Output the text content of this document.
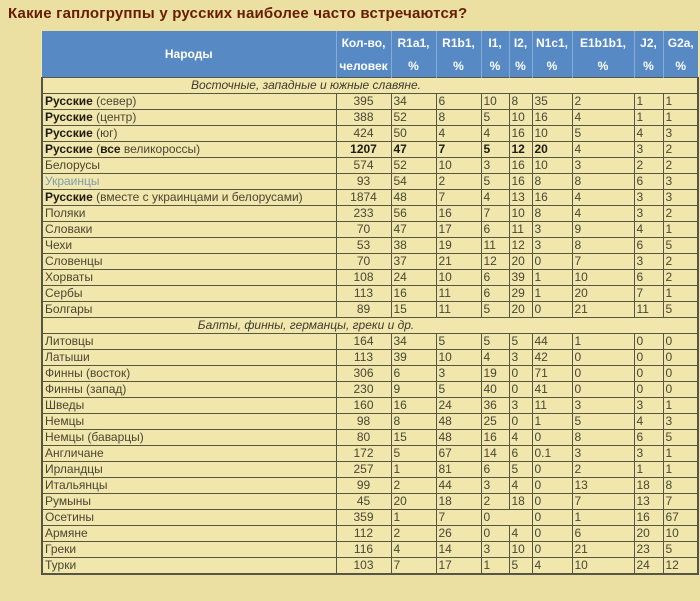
Какие гаплогруппы у русских наиболее часто встречаются?
Народы	Кол-во,	R1a1,	R1b1,	I1,	I2,	N1c1,	E1b1b1,	J2,	G2a,
	человек	%	%	%	%	%	%	%	%
Восточные, западные и южные славяне.									
Русские (север)	395	34	6	10	8	35	2	1	1
Русские (центр)	388	52	8	5	10	16	4	1	1
Русские (юг)	424	50	4	4	16	10	5	4	3
Русские (все великороссы)	1207	47	7	5	12	20	4	3	2
Белорусы	574	52	10	3	16	10	3	2	2
Украинцы	93	54	2	5	16	8	8	6	3
Русские (вместе с украинцами и белорусами)	1874	48	7	4	13	16	4	3	3
Поляки	233	56	16	7	10	8	4	3	2
Словаки	70	47	17	6	11	3	9	4	1
Чехи	53	38	19	11	12	3	8	6	5
Словенцы	70	37	21	12	20	0	7	3	2
Хорваты	108	24	10	6	39	1	10	6	2
Сербы	113	16	11	6	29	1	20	7	1
Болгары	89	15	11	5	20	0	21	11	5
Балты, финны, германцы, греки и др.									
Литовцы	164	34	5	5	5	44	1	0	0
Латыши	113	39	10	4	3	42	0	0	0
Финны (восток)	306	6	3	19	0	71	0	0	0
Финны (запад)	230	9	5	40	0	41	0	0	0
Шведы	160	16	24	36	3	11	3	3	1
Немцы	98	8	48	25	0	1	5	4	3
Немцы (баварцы)	80	15	48	16	4	0	8	6	5
Англичане	172	5	67	14	6	0.1	3	3	1
Ирландцы	257	1	81	6	5	0	2	1	1
Итальянцы	99	2	44	3	4	0	13	18	8
Румыны	45	20	18	2	18	0	7	13	7
Осетины	359	1	7	0		0	1	16	67
Армяне	112	2	26	0	4	0	6	20	10
Греки	116	4	14	3	10	0	21	23	5
Турки	103	7	17	1	5	4	10	24	12
